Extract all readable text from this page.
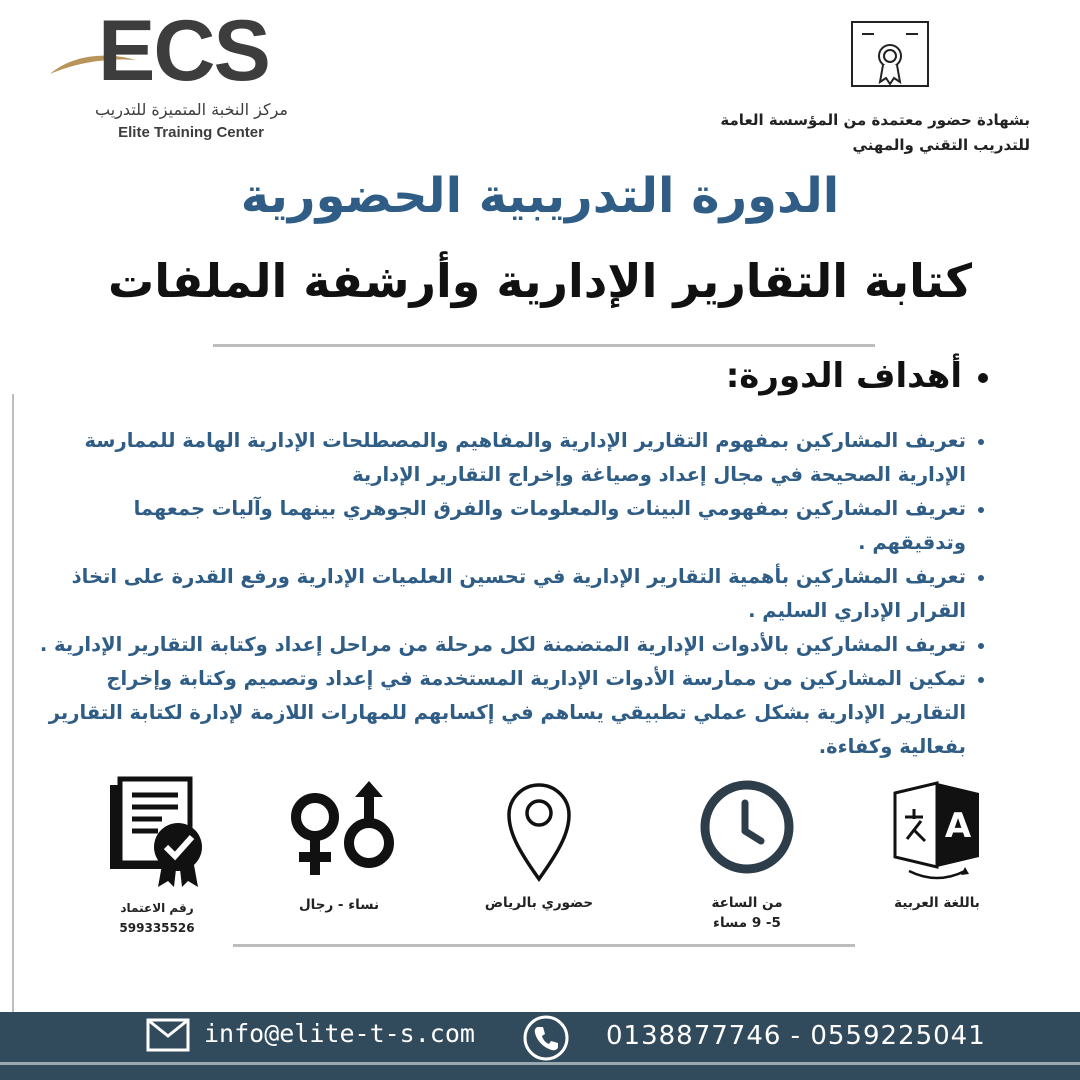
ECS
مركز النخبة المتميزة للتدريب
Elite Training Center
بشهادة حضور معتمدة من المؤسسة العامة للتدريب التقني والمهني
الدورة التدريبية الحضورية
كتابة التقارير الإدارية وأرشفة الملفات
أهداف الدورة:
تعريف المشاركين بمفهوم التقارير الإدارية والمفاهيم والمصطلحات الإدارية الهامة للممارسة الإدارية الصحيحة في مجال إعداد وصياغة وإخراج التقارير الإدارية
تعريف المشاركين بمفهومي البينات والمعلومات والفرق الجوهري بينهما وآليات جمعهما وتدقيقهم .
تعريف المشاركين بأهمية التقارير الإدارية في تحسين العلميات الإدارية ورفع القدرة على اتخاذ القرار الإداري السليم .
تعريف المشاركين بالأدوات الإدارية المتضمنة لكل مرحلة من مراحل إعداد وكتابة التقارير الإدارية .
تمكين المشاركين من ممارسة الأدوات الإدارية المستخدمة في إعداد وتصميم وكتابة وإخراج التقارير الإدارية بشكل عملي تطبيقي يساهم في إكسابهم للمهارات اللازمة لإدارة لكتابة التقارير بفعالية وكفاءة.
A
باللغة العربية
من الساعة
5- 9 مساء
حضوري بالرياض
نساء - رجال
رقم الاعتماد
599335526
info@elite-t-s.com	0138877746 - 0559225041
